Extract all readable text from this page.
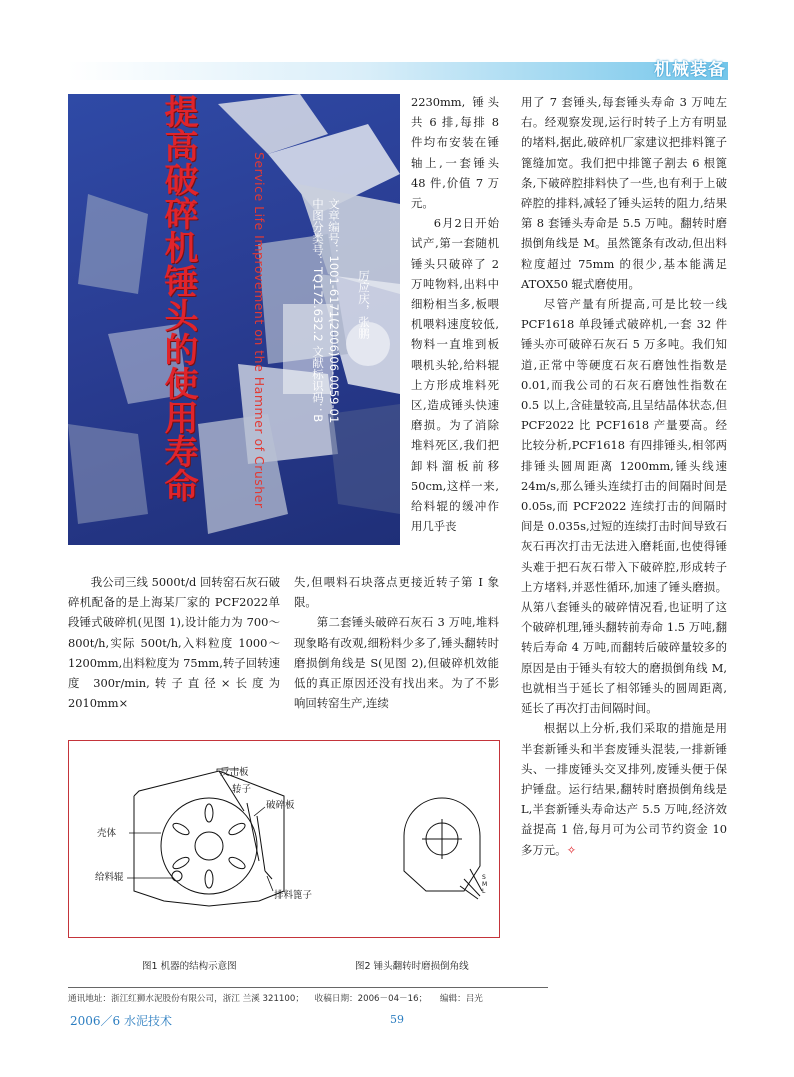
机械装备
提高破碎机锤头的使用寿命	Service Life Improvement on the Hammer of Crusher	文章编号：1001-6171(2006)06-0059-01
中图分类号：TQ172.632.2 文献标识码：B	厉应庆，张鹏

2230mm, 锤头共 6 排,每排 8 件均布安装在锤轴上,一套锤头 48 件,价值 7 万元。

6月2日开始试产,第一套随机锤头只破碎了 2 万吨物料,出料中细粉相当多,板喂机喂料速度较低,物料一直堆到板喂机头轮,给料辊上方形成堆料死区,造成锤头快速磨损。为了消除堆料死区,我们把卸料溜板前移50cm,这样一来,给料辊的缓冲作用几乎丧

我公司三线 5000t/d 回转窑石灰石破碎机配备的是上海某厂家的 PCF2022单段锤式破碎机(见图 1),设计能力为 700～800t/h,实际 500t/h,入料粒度 1000～1200mm,出料粒度为 75mm,转子回转速度 300r/min,转子直径×长度为 2010mm×

失,但喂料石块落点更接近转子第 I 象限。

第二套锤头破碎石灰石 3 万吨,堆料现象略有改观,细粉料少多了,锤头翻转时磨损倒角线是 S(见图 2),但破碎机效能低的真正原因还没有找出来。为了不影响回转窑生产,连续

用了 7 套锤头,每套锤头寿命 3 万吨左右。经观察发现,运行时转子上方有明显的堵料,据此,破碎机厂家建议把排料篦子篦缝加宽。我们把中排篦子割去 6 根篦条,下破碎腔排料快了一些,也有利于上破碎腔的排料,减轻了锤头运转的阻力,结果第 8 套锤头寿命是 5.5 万吨。翻转时磨损倒角线是 M。虽然篦条有改动,但出料粒度超过 75mm 的很少,基本能满足 ATOX50 辊式磨使用。

尽管产量有所提高,可是比较一线 PCF1618 单段锤式破碎机,一套 32 件锤头亦可破碎石灰石 5 万多吨。我们知道,正常中等硬度石灰石磨蚀性指数是 0.01,而我公司的石灰石磨蚀性指数在 0.5 以上,含硅量较高,且呈结晶体状态,但 PCF2022 比 PCF1618 产量要高。经比较分析,PCF1618 有四排锤头,相邻两排锤头圆周距离 1200mm,锤头线速 24m/s,那么锤头连续打击的间隔时间是 0.05s,而 PCF2022 连续打击的间隔时间是 0.035s,过短的连续打击时间导致石灰石再次打击无法进入磨耗面,也使得锤头难于把石灰石带入下破碎腔,形成转子上方堵料,并恶性循环,加速了锤头磨损。从第八套锤头的破碎情况看,也证明了这个破碎机理,锤头翻转前寿命 1.5 万吨,翻转后寿命 4 万吨,而翻转后破碎量较多的原因是由于锤头有较大的磨损倒角线 M,也就相当于延长了相邻锤头的圆周距离,延长了再次打击间隔时间。

根据以上分析,我们采取的措施是用半套新锤头和半套废锤头混装,一排新锤头、一排废锤头交叉排列,废锤头便于保护锤盘。运行结果,翻转时磨损倒角线是 L,半套新锤头寿命达产 5.5 万吨,经济效益提高 1 倍,每月可为公司节约资金 10 多万元。✧

反击板
转子
破碎板
壳体
给料辊
排料篦子
S
M
L
图1 机器的结构示意图	图2 锤头翻转时磨损倒角线
通讯地址：浙江红狮水泥股份有限公司，浙江 兰溪 321100； 收稿日期：2006－04－16； 编辑：吕光
2006／6 水泥技术	59
